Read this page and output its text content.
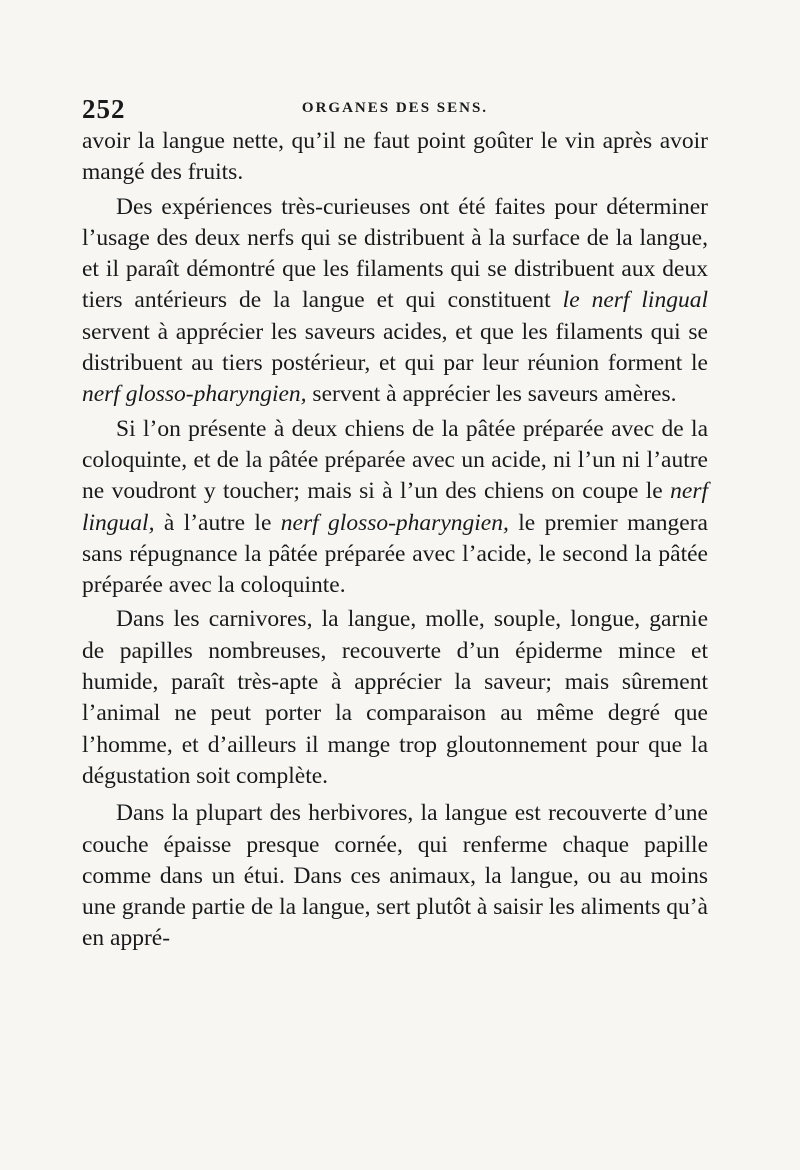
252	ORGANES DES SENS.

avoir la langue nette, qu’il ne faut point goûter le vin après avoir mangé des fruits.

Des expériences très-curieuses ont été faites pour déterminer l’usage des deux nerfs qui se distribuent à la surface de la langue, et il paraît démontré que les filaments qui se distribuent aux deux tiers antérieurs de la langue et qui constituent le nerf lingual servent à apprécier les saveurs acides, et que les filaments qui se distribuent au tiers postérieur, et qui par leur réunion forment le nerf glosso-pharyngien, servent à apprécier les saveurs amères.

Si l’on présente à deux chiens de la pâtée préparée avec de la coloquinte, et de la pâtée préparée avec un acide, ni l’un ni l’autre ne voudront y toucher; mais si à l’un des chiens on coupe le nerf lingual, à l’autre le nerf glosso-pharyngien, le premier mangera sans répugnance la pâtée préparée avec l’acide, le second la pâtée préparée avec la coloquinte.

Dans les carnivores, la langue, molle, souple, longue, garnie de papilles nombreuses, recouverte d’un épiderme mince et humide, paraît très-apte à apprécier la saveur; mais sûrement l’animal ne peut porter la comparaison au même degré que l’homme, et d’ailleurs il mange trop gloutonnement pour que la dégustation soit complète.

Dans la plupart des herbivores, la langue est recouverte d’une couche épaisse presque cornée, qui renferme chaque papille comme dans un étui. Dans ces animaux, la langue, ou au moins une grande partie de la langue, sert plutôt à saisir les aliments qu’à en appré-
